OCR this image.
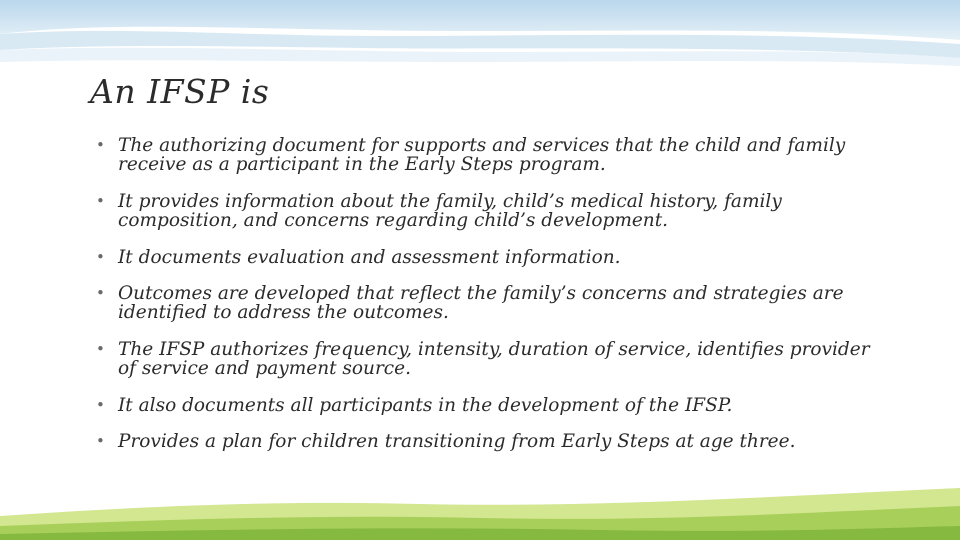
An IFSP is
• The authorizing document for supports and services that the child and family receive as a participant in the Early Steps program.
• It provides information about the family, child’s medical history, family composition, and concerns regarding child’s development.
• It documents evaluation and assessment information.
• Outcomes are developed that reflect the family’s concerns and strategies are identified to address the outcomes.
• The IFSP authorizes frequency, intensity, duration of service, identifies provider of service and payment source.
• It also documents all participants in the development of the IFSP.
• Provides a plan for children transitioning from Early Steps at age three.
